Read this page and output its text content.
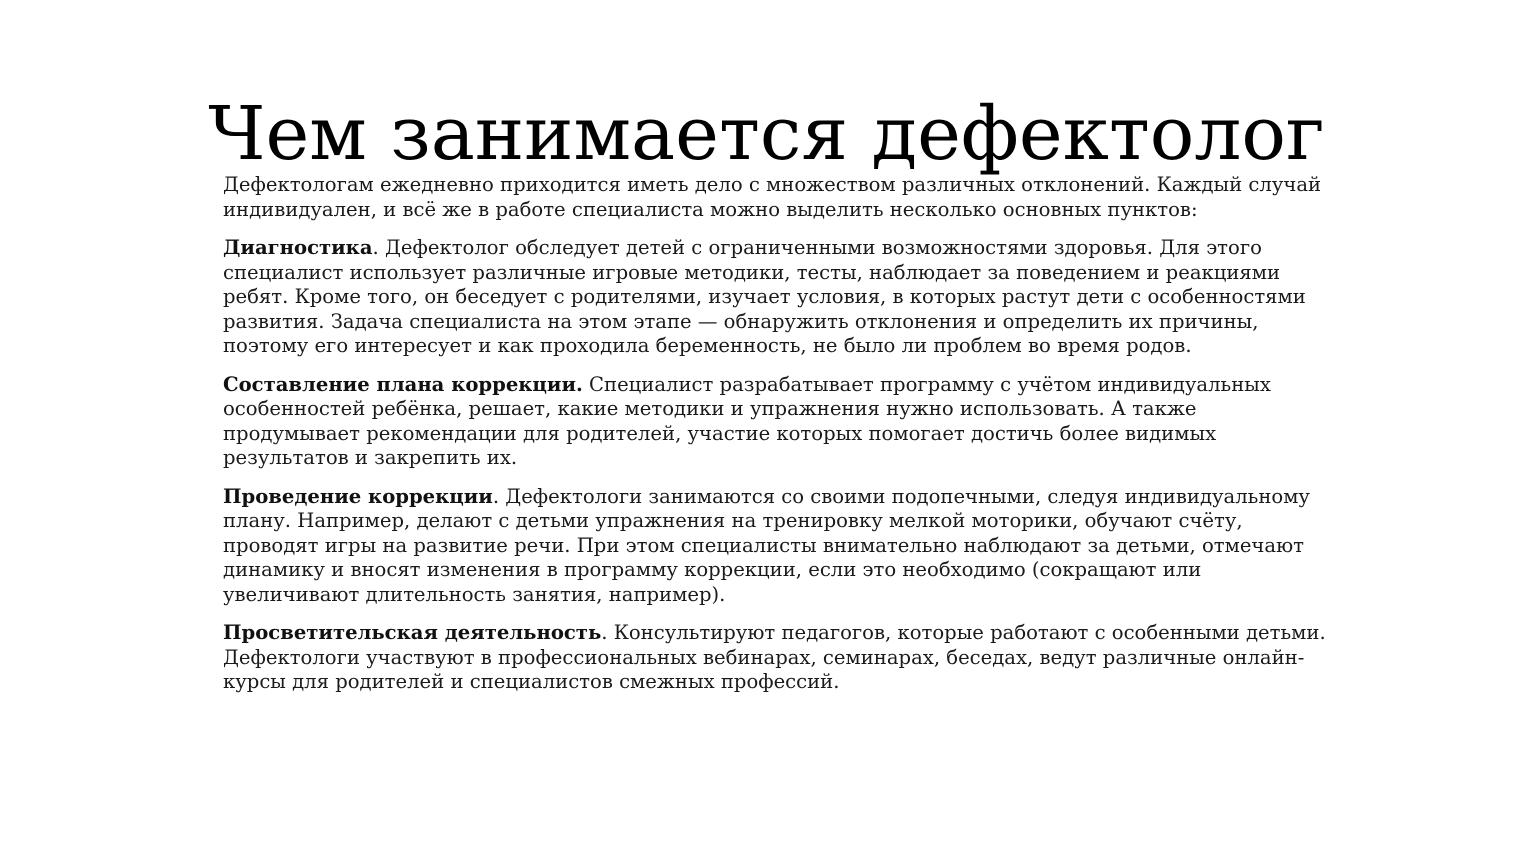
Чем занимается дефектолог

Дефектологам ежедневно приходится иметь дело с множеством различных отклонений. Каждый случай индивидуален, и всё же в работе специалиста можно выделить несколько основных пунктов:

Диагностика. Дефектолог обследует детей с ограниченными возможностями здоровья. Для этого специалист использует различные игровые методики, тесты, наблюдает за поведением и реакциями ребят. Кроме того, он беседует с родителями, изучает условия, в которых растут дети с особенностями развития. Задача специалиста на этом этапе — обнаружить отклонения и определить их причины, поэтому его интересует и как проходила беременность, не было ли проблем во время родов.

Составление плана коррекции. Специалист разрабатывает программу с учётом индивидуальных особенностей ребёнка, решает, какие методики и упражнения нужно использовать. А также продумывает рекомендации для родителей, участие которых помогает достичь более видимых результатов и закрепить их.

Проведение коррекции. Дефектологи занимаются со своими подопечными, следуя индивидуальному плану. Например, делают с детьми упражнения на тренировку мелкой моторики, обучают счёту, проводят игры на развитие речи. При этом специалисты внимательно наблюдают за детьми, отмечают динамику и вносят изменения в программу коррекции, если это необходимо (сокращают или увеличивают длительность занятия, например).

Просветительская деятельность. Консультируют педагогов, которые работают с особенными детьми. Дефектологи участвуют в профессиональных вебинарах, семинарах, беседах, ведут различные онлайн-курсы для родителей и специалистов смежных профессий.
